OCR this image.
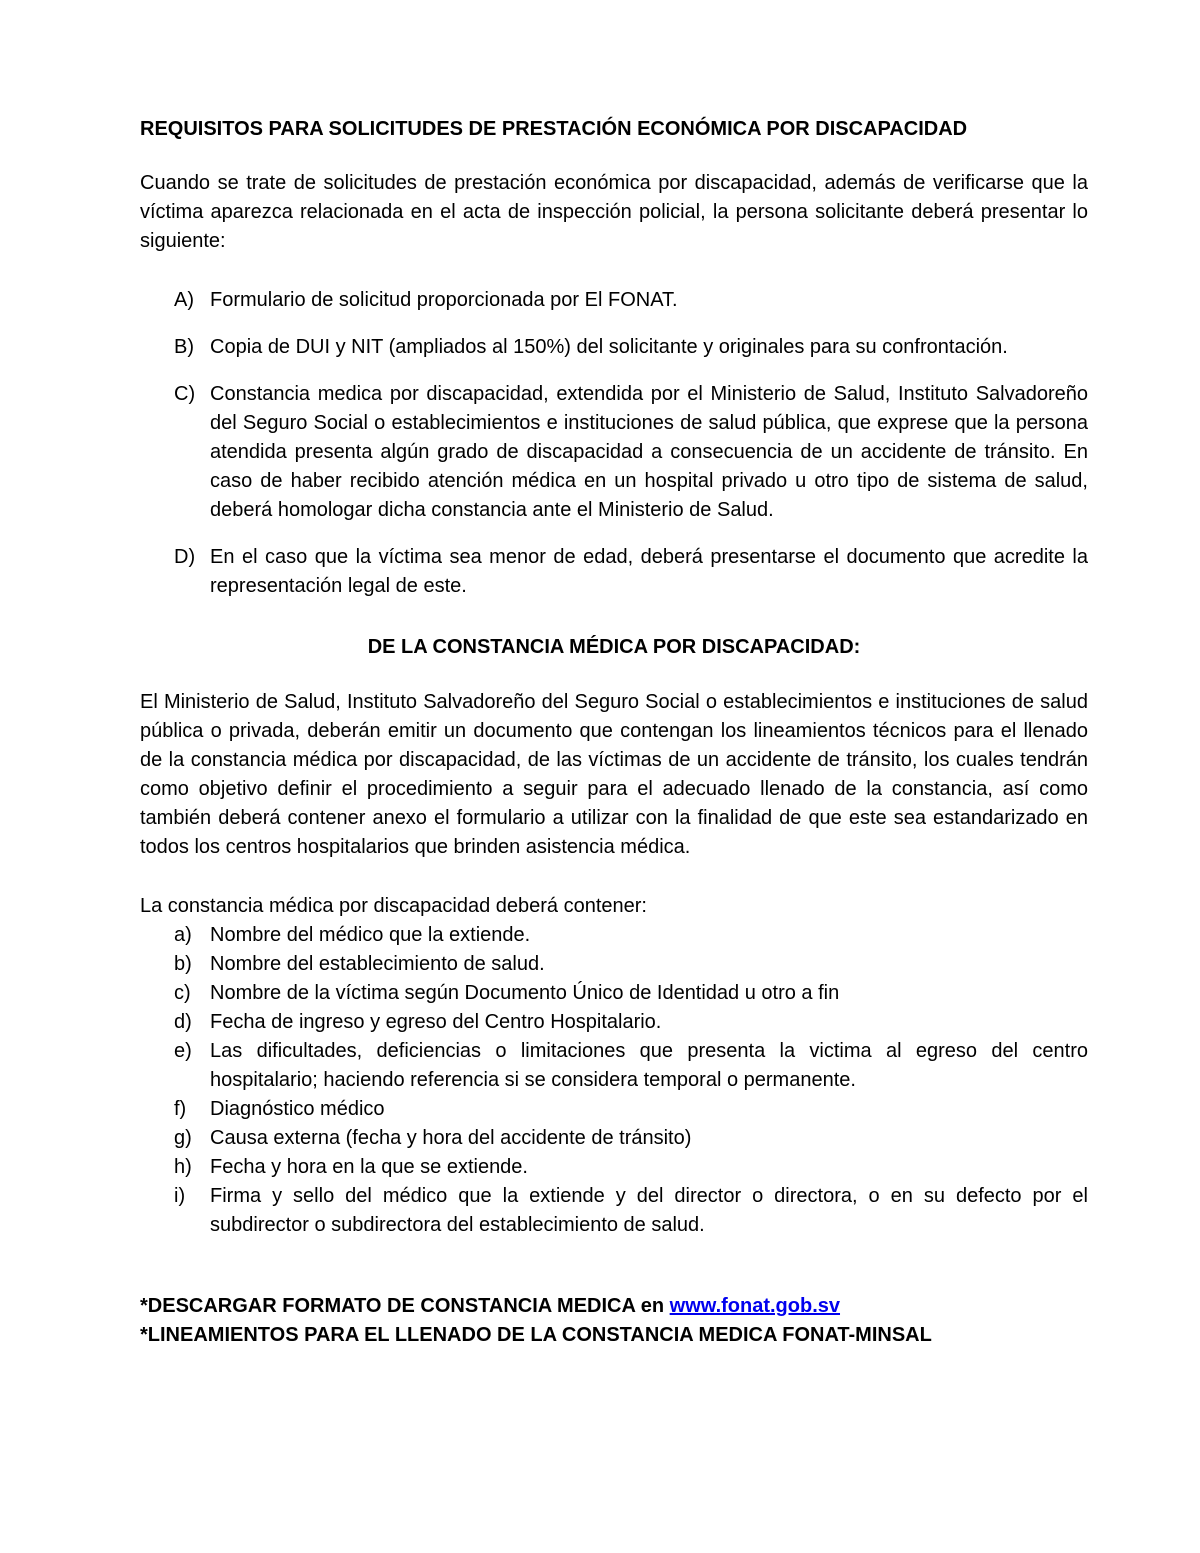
REQUISITOS PARA SOLICITUDES DE PRESTACIÓN ECONÓMICA POR DISCAPACIDAD

Cuando se trate de solicitudes de prestación económica por discapacidad, además de verificarse que la víctima aparezca relacionada en el acta de inspección policial, la persona solicitante deberá presentar lo siguiente:

A) Formulario de solicitud proporcionada por El FONAT.
B) Copia de DUI y NIT (ampliados al 150%) del solicitante y originales para su confrontación.
C) Constancia medica por discapacidad, extendida por el Ministerio de Salud, Instituto Salvadoreño del Seguro Social o establecimientos e instituciones de salud pública, que exprese que la persona atendida presenta algún grado de discapacidad a consecuencia de un accidente de tránsito. En caso de haber recibido atención médica en un hospital privado u otro tipo de sistema de salud, deberá homologar dicha constancia ante el Ministerio de Salud.
D) En el caso que la víctima sea menor de edad, deberá presentarse el documento que acredite la representación legal de este.

DE LA CONSTANCIA MÉDICA POR DISCAPACIDAD:

El Ministerio de Salud, Instituto Salvadoreño del Seguro Social o establecimientos e instituciones de salud pública o privada, deberán emitir un documento que contengan los lineamientos técnicos para el llenado de la constancia médica por discapacidad, de las víctimas de un accidente de tránsito, los cuales tendrán como objetivo definir el procedimiento a seguir para el adecuado llenado de la constancia, así como también deberá contener anexo el formulario a utilizar con la finalidad de que este sea estandarizado en todos los centros hospitalarios que brinden asistencia médica.

La constancia médica por discapacidad deberá contener:

a) Nombre del médico que la extiende.
b) Nombre del establecimiento de salud.
c) Nombre de la víctima según Documento Único de Identidad u otro a fin
d) Fecha de ingreso y egreso del Centro Hospitalario.
e) Las dificultades, deficiencias o limitaciones que presenta la victima al egreso del centro hospitalario; haciendo referencia si se considera temporal o permanente.
f) Diagnóstico médico
g) Causa externa (fecha y hora del accidente de tránsito)
h) Fecha y hora en la que se extiende.
i) Firma y sello del médico que la extiende y del director o directora, o en su defecto por el subdirector o subdirectora del establecimiento de salud.
*DESCARGAR FORMATO DE CONSTANCIA MEDICA en www.fonat.gob.sv
*LINEAMIENTOS PARA EL LLENADO DE LA CONSTANCIA MEDICA FONAT-MINSAL
